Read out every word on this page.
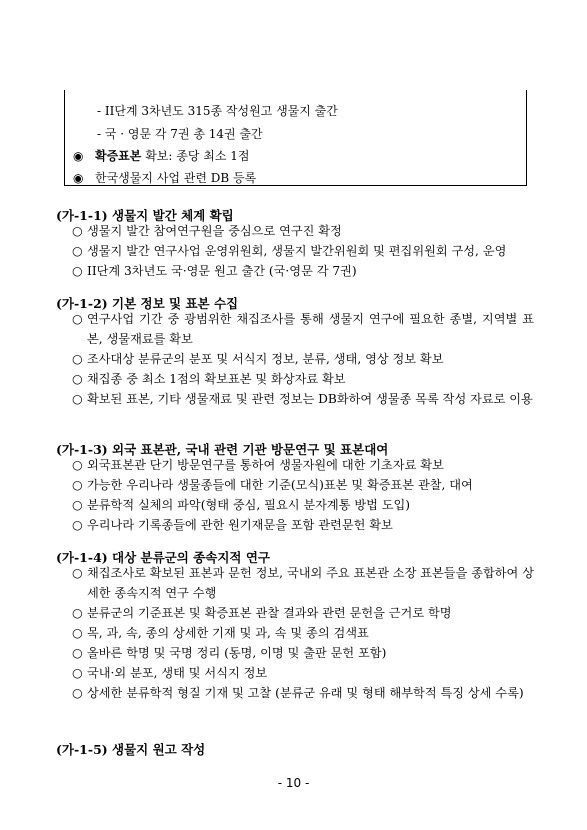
- II단계 3차년도 315종 작성원고 생물지 출간
- 국 · 영문 각 7권 총 14권 출간
◉ 확증표본 확보: 종당 최소 1점
◉ 한국생물지 사업 관련 DB 등록
(가-1-1) 생물지 발간 체계 확립
○ 생물지 발간 참여연구원을 중심으로 연구진 확정
○ 생물지 발간 연구사업 운영위원회, 생물지 발간위원회 및 편집위원회 구성, 운영
○ II단계 3차년도 국·영문 원고 출간 (국·영문 각 7권)
(가-1-2) 기본 정보 및 표본 수집
○ 연구사업 기간 중 광범위한 채집조사를 통해 생물지 연구에 필요한 종별, 지역별 표본, 생물재료를 확보
○ 조사대상 분류군의 분포 및 서식지 정보, 분류, 생태, 영상 정보 확보
○ 채집종 중 최소 1점의 확보표본 및 화상자료 확보
○ 확보된 표본, 기타 생물재료 및 관련 정보는 DB화하여 생물종 목록 작성 자료로 이용
(가-1-3) 외국 표본관, 국내 관련 기관 방문연구 및 표본대여
○ 외국표본관 단기 방문연구를 통하여 생물자원에 대한 기초자료 확보
○ 가능한 우리나라 생물종들에 대한 기준(모식)표본 및 확증표본 관찰, 대여
○ 분류학적 실체의 파악(형태 중심, 필요시 분자계통 방법 도입)
○ 우리나라 기록종들에 관한 원기재문을 포함 관련문헌 확보
(가-1-4) 대상 분류군의 종속지적 연구
○ 채집조사로 확보된 표본과 문헌 정보, 국내외 주요 표본관 소장 표본들을 종합하여 상세한 종속지적 연구 수행
○ 분류군의 기준표본 및 확증표본 관찰 결과와 관련 문헌을 근거로 학명
○ 목, 과, 속, 종의 상세한 기재 및 과, 속 및 종의 검색표
○ 올바른 학명 및 국명 정리 (동명, 이명 및 출판 문헌 포함)
○ 국내·외 분포, 생태 및 서식지 정보
○ 상세한 분류학적 형질 기재 및 고찰 (분류군 유래 및 형태 해부학적 특징 상세 수록)
(가-1-5) 생물지 원고 작성
- 10 -
